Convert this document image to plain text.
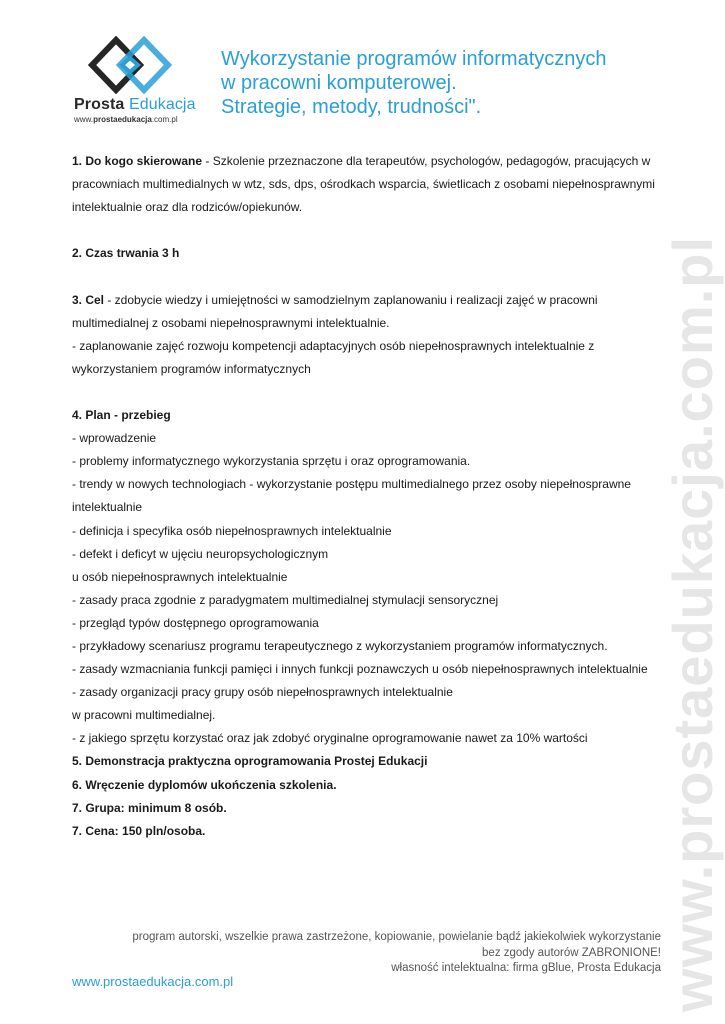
Prosta Edukacja
www.prostaedukacja.com.pl
Wykorzystanie programów informatycznych
w pracowni komputerowej.
Strategie, metody, trudności".

1. Do kogo skierowane - Szkolenie przeznaczone dla terapeutów, psychologów, pedagogów, pracujących w

pracowniach multimedialnych w wtz, sds, dps, ośrodkach wsparcia, świetlicach z osobami niepełnosprawnymi

intelektualnie oraz dla rodziców/opiekunów.

2. Czas trwania 3 h

3. Cel - zdobycie wiedzy i umiejętności w samodzielnym zaplanowaniu i realizacji zajęć w pracowni

multimedialnej z osobami niepełnosprawnymi intelektualnie.

- zaplanowanie zajęć rozwoju kompetencji adaptacyjnych osób niepełnosprawnych intelektualnie z

wykorzystaniem programów informatycznych

4. Plan - przebieg

- wprowadzenie

- problemy informatycznego wykorzystania sprzętu i oraz oprogramowania.

- trendy w nowych technologiach - wykorzystanie postępu multimedialnego przez osoby niepełnosprawne

intelektualnie

- definicja i specyfika osób niepełnosprawnych intelektualnie

- defekt i deficyt w ujęciu neuropsychologicznym

u osób niepełnosprawnych intelektualnie

- zasady praca zgodnie z paradygmatem multimedialnej stymulacji sensorycznej

- przegląd typów dostępnego oprogramowania

- przykładowy scenariusz programu terapeutycznego z wykorzystaniem programów informatycznych.

- zasady wzmacniania funkcji pamięci i innych funkcji poznawczych u osób niepełnosprawnych intelektualnie

- zasady organizacji pracy grupy osób niepełnosprawnych intelektualnie

w pracowni multimedialnej.

- z jakiego sprzętu korzystać oraz jak zdobyć oryginalne oprogramowanie nawet za 10% wartości

5. Demonstracja praktyczna oprogramowania Prostej Edukacji

6. Wręczenie dyplomów ukończenia szkolenia.

7. Grupa: minimum 8 osób.

7. Cena: 150 pln/osoba.

program autorski, wszelkie prawa zastrzeżone, kopiowanie, powielanie bądź jakiekolwiek wykorzystanie
bez zgody autorów ZABRONIONE!
własność intelektualna: firma gBlue, Prosta Edukacja
www.prostaedukacja.com.pl	www.prostaedukacja.com.pl
